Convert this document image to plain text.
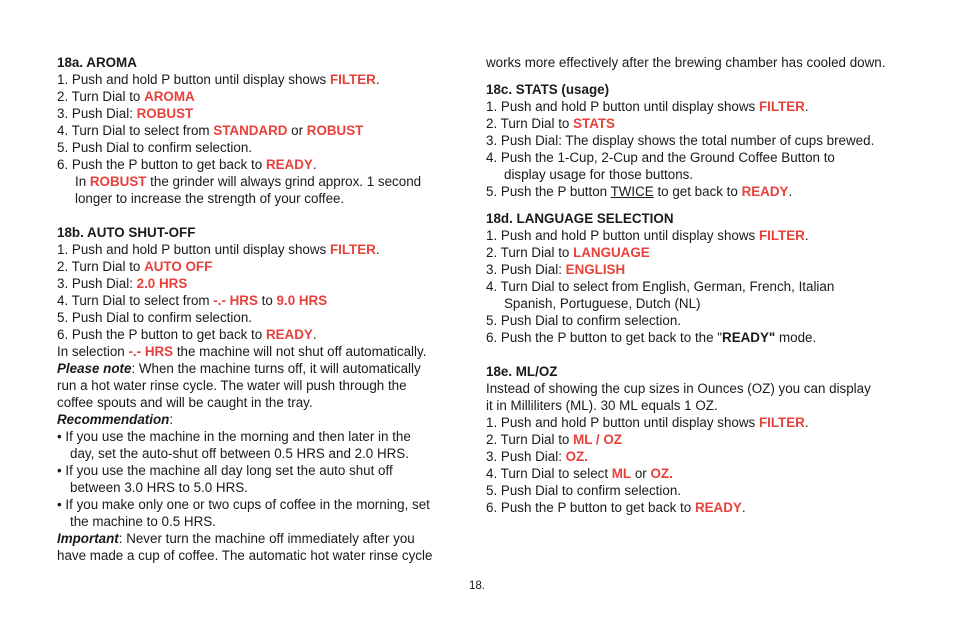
18a. AROMA
1. Push and hold P button until display shows FILTER.
2. Turn Dial to AROMA
3. Push Dial: ROBUST
4. Turn Dial to select from STANDARD or ROBUST
5. Push Dial to confirm selection.
6. Push the P button to get back to READY.
In ROBUST the grinder will always grind approx. 1 second
longer to increase the strength of your coffee.
18b. AUTO SHUT-OFF
1. Push and hold P button until display shows FILTER.
2. Turn Dial to AUTO OFF
3. Push Dial: 2.0 HRS
4. Turn Dial to select from -.- HRS to 9.0 HRS
5. Push Dial to confirm selection.
6. Push the P button to get back to READY.
In selection -.- HRS the machine will not shut off automatically.
Please note: When the machine turns off, it will automatically
run a hot water rinse cycle. The water will push through the
coffee spouts and will be caught in the tray.
Recommendation:
• If you use the machine in the morning and then later in the
day, set the auto-shut off between 0.5 HRS and 2.0 HRS.
• If you use the machine all day long set the auto shut off
between 3.0 HRS to 5.0 HRS.
• If you make only one or two cups of coffee in the morning, set
the machine to 0.5 HRS.
Important: Never turn the machine off immediately after you
have made a cup of coffee. The automatic hot water rinse cycle
works more effectively after the brewing chamber has cooled down.
18c. STATS (usage)
1. Push and hold P button until display shows FILTER.
2. Turn Dial to STATS
3. Push Dial: The display shows the total number of cups brewed.
4. Push the 1-Cup, 2-Cup and the Ground Coffee Button to
display usage for those buttons.
5. Push the P button TWICE to get back to READY.
18d. LANGUAGE SELECTION
1. Push and hold P button until display shows FILTER.
2. Turn Dial to LANGUAGE
3. Push Dial: ENGLISH
4. Turn Dial to select from English, German, French, Italian
Spanish, Portuguese, Dutch (NL)
5. Push Dial to confirm selection.
6. Push the P button to get back to the "READY" mode.
18e. ML/OZ
Instead of showing the cup sizes in Ounces (OZ) you can display
it in Milliliters (ML). 30 ML equals 1 OZ.
1. Push and hold P button until display shows FILTER.
2. Turn Dial to ML / OZ
3. Push Dial: OZ.
4. Turn Dial to select ML or OZ.
5. Push Dial to confirm selection.
6. Push the P button to get back to READY.
18.
